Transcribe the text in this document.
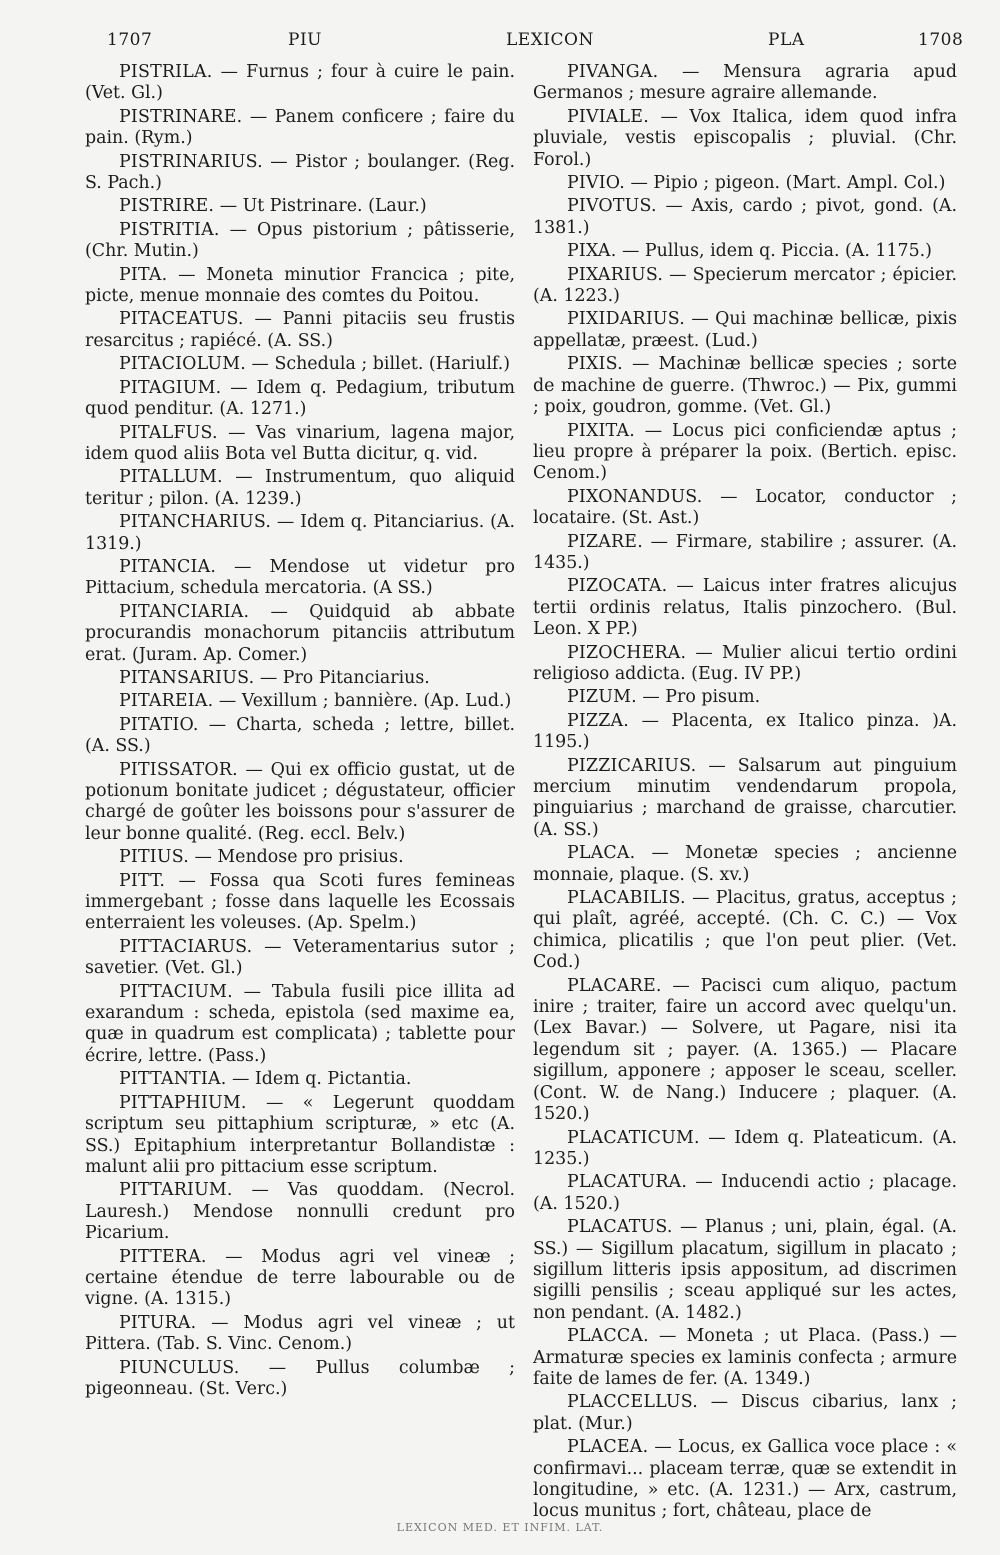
1707	PIU	LEXICON	PLA	1708

PISTRILA. — Furnus ; four à cuire le pain. (Vet. Gl.)

PISTRINARE. — Panem conficere ; faire du pain. (Rym.)

PISTRINARIUS. — Pistor ; boulanger. (Reg. S. Pach.)

PISTRIRE. — Ut Pistrinare. (Laur.)

PISTRITIA. — Opus pistorium ; pâtisserie, (Chr. Mutin.)

PITA. — Moneta minutior Francica ; pite, picte, menue monnaie des comtes du Poitou.

PITACEATUS. — Panni pitaciis seu frustis resarcitus ; rapiécé. (A. SS.)

PITACIOLUM. — Schedula ; billet. (Hariulf.)

PITAGIUM. — Idem q. Pedagium, tributum quod penditur. (A. 1271.)

PITALFUS. — Vas vinarium, lagena major, idem quod aliis Bota vel Butta dicitur, q. vid.

PITALLUM. — Instrumentum, quo aliquid teritur ; pilon. (A. 1239.)

PITANCHARIUS. — Idem q. Pitanciarius. (A. 1319.)

PITANCIA. — Mendose ut videtur pro Pittacium, schedula mercatoria. (A SS.)

PITANCIARIA. — Quidquid ab abbate procurandis monachorum pitanciis attributum erat. (Juram. Ap. Comer.)

PITANSARIUS. — Pro Pitanciarius.

PITAREIA. — Vexillum ; bannière. (Ap. Lud.)

PITATIO. — Charta, scheda ; lettre, billet. (A. SS.)

PITISSATOR. — Qui ex officio gustat, ut de potionum bonitate judicet ; dégustateur, officier chargé de goûter les boissons pour s'assurer de leur bonne qualité. (Reg. eccl. Belv.)

PITIUS. — Mendose pro prisius.

PITT. — Fossa qua Scoti fures femineas immergebant ; fosse dans laquelle les Ecossais enterraient les voleuses. (Ap. Spelm.)

PITTACIARUS. — Veteramentarius sutor ; savetier. (Vet. Gl.)

PITTACIUM. — Tabula fusili pice illita ad exarandum : scheda, epistola (sed maxime ea, quæ in quadrum est complicata) ; tablette pour écrire, lettre. (Pass.)

PITTANTIA. — Idem q. Pictantia.

PITTAPHIUM. — « Legerunt quoddam scriptum seu pittaphium scripturæ, » etc (A. SS.) Epitaphium interpretantur Bollandistæ : malunt alii pro pittacium esse scriptum.

PITTARIUM. — Vas quoddam. (Necrol. Lauresh.) Mendose nonnulli credunt pro Picarium.

PITTERA. — Modus agri vel vineæ ; certaine étendue de terre labourable ou de vigne. (A. 1315.)

PITURA. — Modus agri vel vineæ ; ut Pittera. (Tab. S. Vinc. Cenom.)

PIUNCULUS. — Pullus columbæ ; pigeonneau. (St. Verc.)

PIVANGA. — Mensura agraria apud Germanos ; mesure agraire allemande.

PIVIALE. — Vox Italica, idem quod infra pluviale, vestis episcopalis ; pluvial. (Chr. Forol.)

PIVIO. — Pipio ; pigeon. (Mart. Ampl. Col.)

PIVOTUS. — Axis, cardo ; pivot, gond. (A. 1381.)

PIXA. — Pullus, idem q. Piccia. (A. 1175.)

PIXARIUS. — Specierum mercator ; épicier. (A. 1223.)

PIXIDARIUS. — Qui machinæ bellicæ, pixis appellatæ, præest. (Lud.)

PIXIS. — Machinæ bellicæ species ; sorte de machine de guerre. (Thwroc.) — Pix, gummi ; poix, goudron, gomme. (Vet. Gl.)

PIXITA. — Locus pici conficiendæ aptus ; lieu propre à préparer la poix. (Bertich. episc. Cenom.)

PIXONANDUS. — Locator, conductor ; locataire. (St. Ast.)

PIZARE. — Firmare, stabilire ; assurer. (A. 1435.)

PIZOCATA. — Laicus inter fratres alicujus tertii ordinis relatus, Italis pinzochero. (Bul. Leon. X PP.)

PIZOCHERA. — Mulier alicui tertio ordini religioso addicta. (Eug. IV PP.)

PIZUM. — Pro pisum.

PIZZA. — Placenta, ex Italico pinza. )A. 1195.)

PIZZICARIUS. — Salsarum aut pinguium mercium minutim vendendarum propola, pinguiarius ; marchand de graisse, charcutier. (A. SS.)

PLACA. — Monetæ species ; ancienne monnaie, plaque. (S. xv.)

PLACABILIS. — Placitus, gratus, acceptus ; qui plaît, agréé, accepté. (Ch. C. C.) — Vox chimica, plicatilis ; que l'on peut plier. (Vet. Cod.)

PLACARE. — Pacisci cum aliquo, pactum inire ; traiter, faire un accord avec quelqu'un. (Lex Bavar.) — Solvere, ut Pagare, nisi ita legendum sit ; payer. (A. 1365.) — Placare sigillum, apponere ; apposer le sceau, sceller. (Cont. W. de Nang.) Inducere ; plaquer. (A. 1520.)

PLACATICUM. — Idem q. Plateaticum. (A. 1235.)

PLACATURA. — Inducendi actio ; placage. (A. 1520.)

PLACATUS. — Planus ; uni, plain, égal. (A. SS.) — Sigillum placatum, sigillum in placato ; sigillum litteris ipsis appositum, ad discrimen sigilli pensilis ; sceau appliqué sur les actes, non pendant. (A. 1482.)

PLACCA. — Moneta ; ut Placa. (Pass.) — Armaturæ species ex laminis confecta ; armure faite de lames de fer. (A. 1349.)

PLACCELLUS. — Discus cibarius, lanx ; plat. (Mur.)

PLACEA. — Locus, ex Gallica voce place : « confirmavi... placeam terræ, quæ se extendit in longitudine, » etc. (A. 1231.) — Arx, castrum, locus munitus ; fort, château, place de

LEXICON MED. ET INFIM. LAT.
